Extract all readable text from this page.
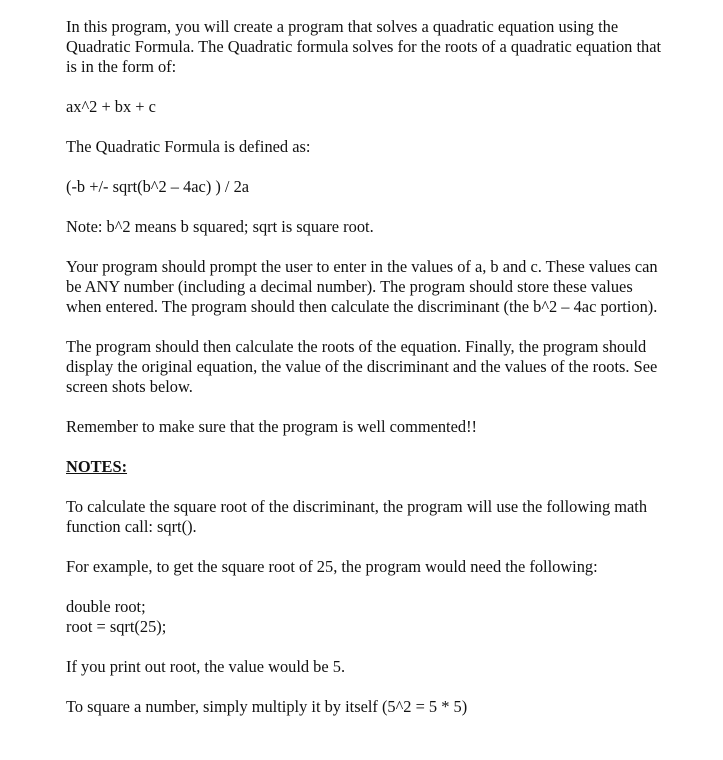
In this program, you will create a program that solves a quadratic equation using the Quadratic Formula. The Quadratic formula solves for the roots of a quadratic equation that is in the form of:

ax^2 + bx + c

The Quadratic Formula is defined as:

(-b +/- sqrt(b^2 – 4ac) ) / 2a

Note: b^2 means b squared; sqrt is square root.

Your program should prompt the user to enter in the values of a, b and c. These values can be ANY number (including a decimal number). The program should store these values when entered. The program should then calculate the discriminant (the b^2 – 4ac portion).

The program should then calculate the roots of the equation. Finally, the program should display the original equation, the value of the discriminant and the values of the roots. See screen shots below.

Remember to make sure that the program is well commented!!

NOTES:

To calculate the square root of the discriminant, the program will use the following math function call: sqrt().

For example, to get the square root of 25, the program would need the following:

double root;
root = sqrt(25);

If you print out root, the value would be 5.

To square a number, simply multiply it by itself (5^2 = 5 * 5)
